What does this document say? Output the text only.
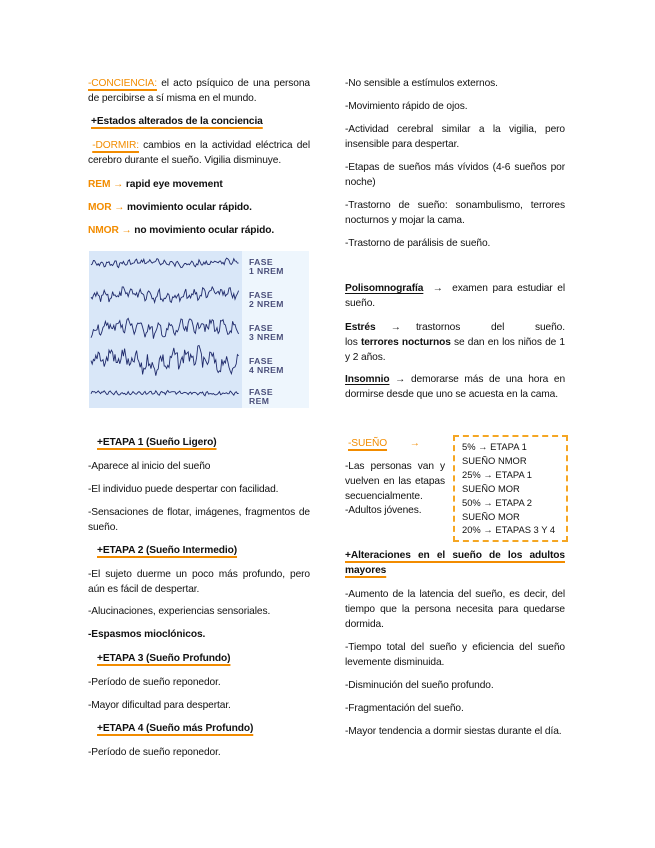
-CONCIENCIA: el acto psíquico de una persona de percibirse a sí misma en el mundo.
+Estados alterados de la conciencia
-DORMIR: cambios en la actividad eléctrica del cerebro durante el sueño. Vigilia disminuye.
REM → rapid eye movement
MOR → movimiento ocular rápido.
NMOR → no movimiento ocular rápido.
FASE
1 NREM
FASE
2 NREM
FASE
3 NREM
FASE
4 NREM
FASE
REM
+ETAPA 1 (Sueño Ligero)
-Aparece al inicio del sueño
-El individuo puede despertar con facilidad.
-Sensaciones de flotar, imágenes, fragmentos de sueño.
+ETAPA 2 (Sueño Intermedio)
-El sujeto duerme un poco más profundo, pero aún es fácil de despertar.
-Alucinaciones, experiencias sensoriales.
-Espasmos mioclónicos.
+ETAPA 3 (Sueño Profundo)
-Período de sueño reponedor.
-Mayor dificultad para despertar.
+ETAPA 4 (Sueño más Profundo)
-Período de sueño reponedor.
-No sensible a estímulos externos.
-Movimiento rápido de ojos.
-Actividad cerebral similar a la vigilia, pero insensible para despertar.
-Etapas de sueños más vívidos (4-6 sueños por noche)
-Trastorno de sueño: sonambulismo, terrores nocturnos y mojar la cama.
-Trastorno de parálisis de sueño.
Polisomnografía  →  examen para estudiar el sueño.
Estrés → trastornos del sueño.
los terrores nocturnos se dan en los niños de 1 y 2 años.
Insomnio → demorarse más de una hora en dormirse desde que uno se acuesta en la cama.
-SUEÑO →
-Las personas van y vuelven en las etapas secuencialmente.
-Adultos jóvenes.
5% → ETAPA 1
SUEÑO NMOR
25% → ETAPA 1
SUEÑO MOR
50% → ETAPA 2
SUEÑO MOR
20% → ETAPAS 3 Y 4
+Alteraciones en el sueño de los adultos mayores
-Aumento de la latencia del sueño, es decir, del tiempo que la persona necesita para quedarse dormida.
-Tiempo total del sueño y eficiencia del sueño levemente disminuida.
-Disminución del sueño profundo.
-Fragmentación del sueño.
-Mayor tendencia a dormir siestas durante el día.
